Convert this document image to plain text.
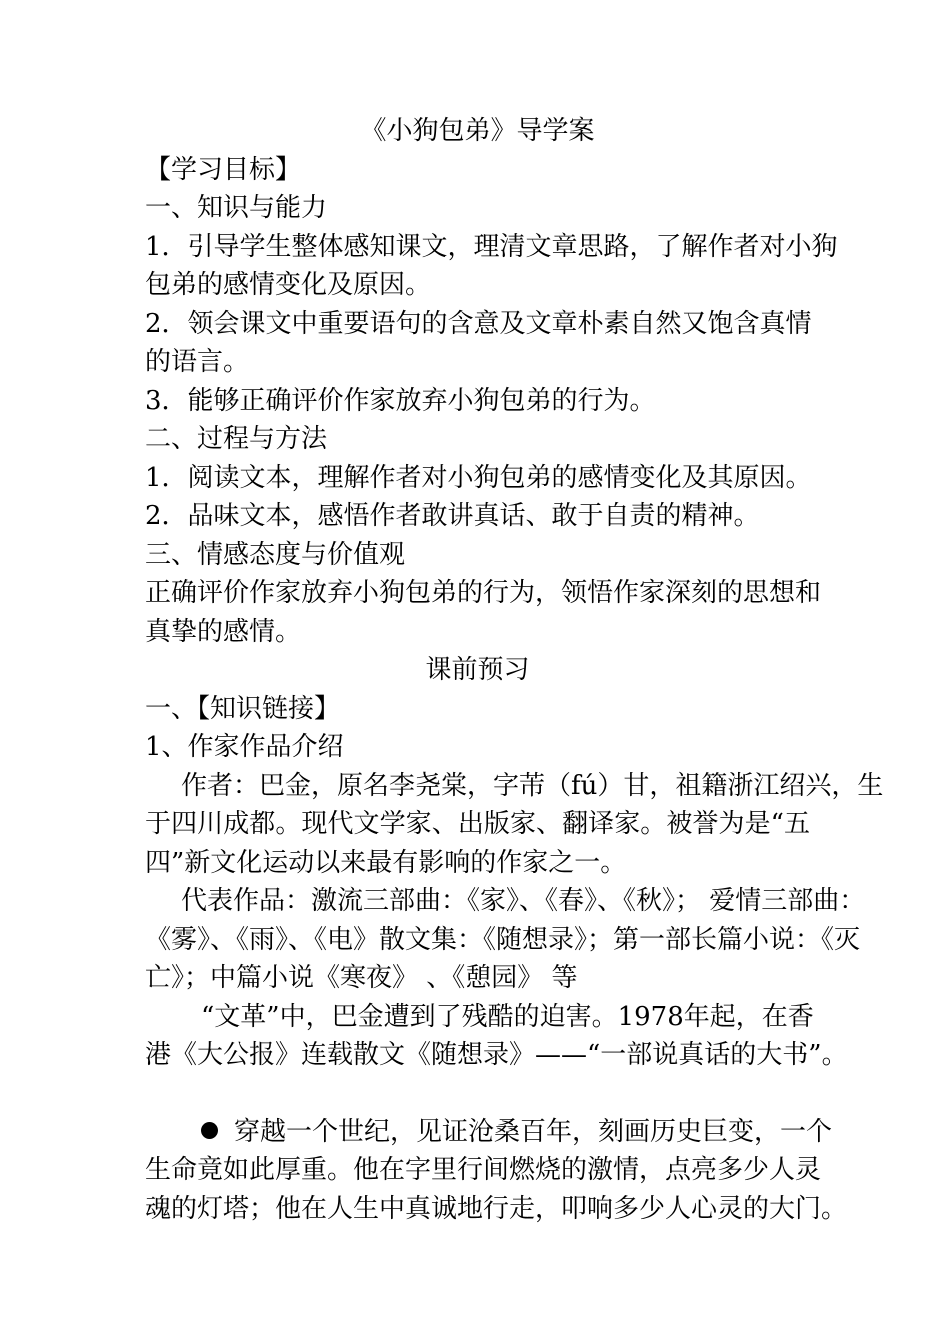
《小狗包弟》导学案
【学习目标】
一、知识与能力
1．引导学生整体感知课文，理清文章思路，了解作者对小狗
包弟的感情变化及原因。
2．领会课文中重要语句的含意及文章朴素自然又饱含真情
的语言。
3．能够正确评价作家放弃小狗包弟的行为。
二、过程与方法
1．阅读文本，理解作者对小狗包弟的感情变化及其原因。
2．品味文本，感悟作者敢讲真话、敢于自责的精神。
三、情感态度与价值观
正确评价作家放弃小狗包弟的行为，领悟作家深刻的思想和
真挚的感情。
课前预习
一、【知识链接】
1、作家作品介绍
作者：巴金，原名李尧棠，字芾（fú）甘，祖籍浙江绍兴，生
于四川成都。现代文学家、出版家、翻译家。被誉为是“五
四”新文化运动以来最有影响的作家之一。
代表作品：激流三部曲：《家》、《春》、《秋》； 爱情三部曲：
《雾》、《雨》、《电》散文集：《随想录》；第一部长篇小说：《灭
亡》；中篇小说《寒夜》 、《憩园》 等
“文革”中，巴金遭到了残酷的迫害。1978年起，在香
港《大公报》连载散文《随想录》——“一部说真话的大书”。
穿越一个世纪，见证沧桑百年，刻画历史巨变，一个
生命竟如此厚重。他在字里行间燃烧的激情，点亮多少人灵
魂的灯塔；他在人生中真诚地行走，叩响多少人心灵的大门。
